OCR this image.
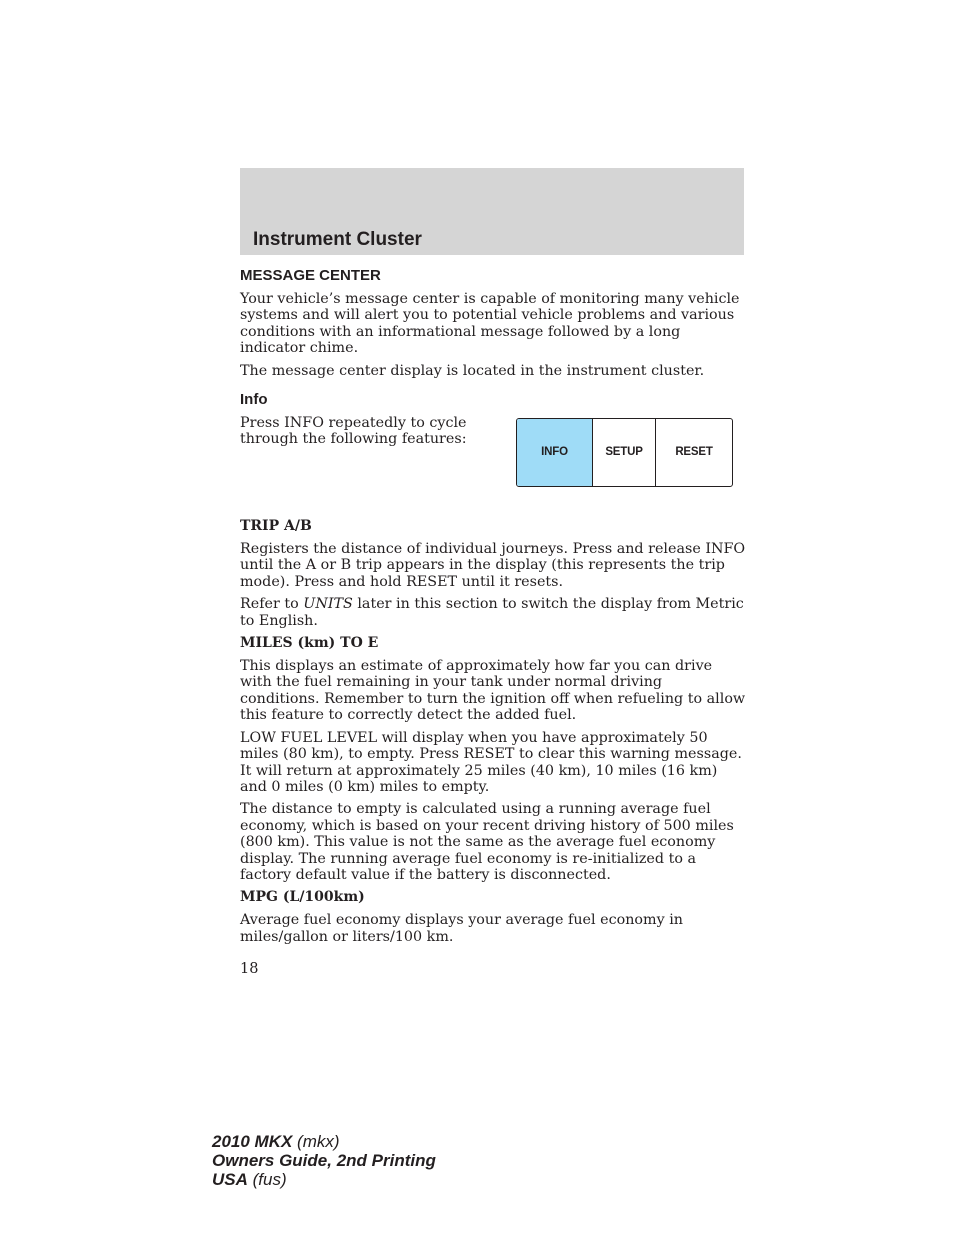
Instrument Cluster
MESSAGE CENTER

Your vehicle’s message center is capable of monitoring many vehicle systems and will alert you to potential vehicle problems and various conditions with an informational message followed by a long indicator chime.

The message center display is located in the instrument cluster.

Info

Press INFO repeatedly to cycle through the following features:

INFO	SETUP	RESET
TRIP A/B

Registers the distance of individual journeys. Press and release INFO until the A or B trip appears in the display (this represents the trip mode). Press and hold RESET until it resets.

Refer to UNITS later in this section to switch the display from Metric to English.

MILES (km) TO E

This displays an estimate of approximately how far you can drive with the fuel remaining in your tank under normal driving conditions. Remember to turn the ignition off when refueling to allow this feature to correctly detect the added fuel.

LOW FUEL LEVEL will display when you have approximately 50 miles (80 km), to empty. Press RESET to clear this warning message. It will return at approximately 25 miles (40 km), 10 miles (16 km) and 0 miles (0 km) miles to empty.

The distance to empty is calculated using a running average fuel economy, which is based on your recent driving history of 500 miles (800 km). This value is not the same as the average fuel economy display. The running average fuel economy is re-initialized to a factory default value if the battery is disconnected.

MPG (L/100km)

Average fuel economy displays your average fuel economy in miles/gallon or liters/100 km.

18
2010 MKX (mkx)
Owners Guide, 2nd Printing
USA (fus)
